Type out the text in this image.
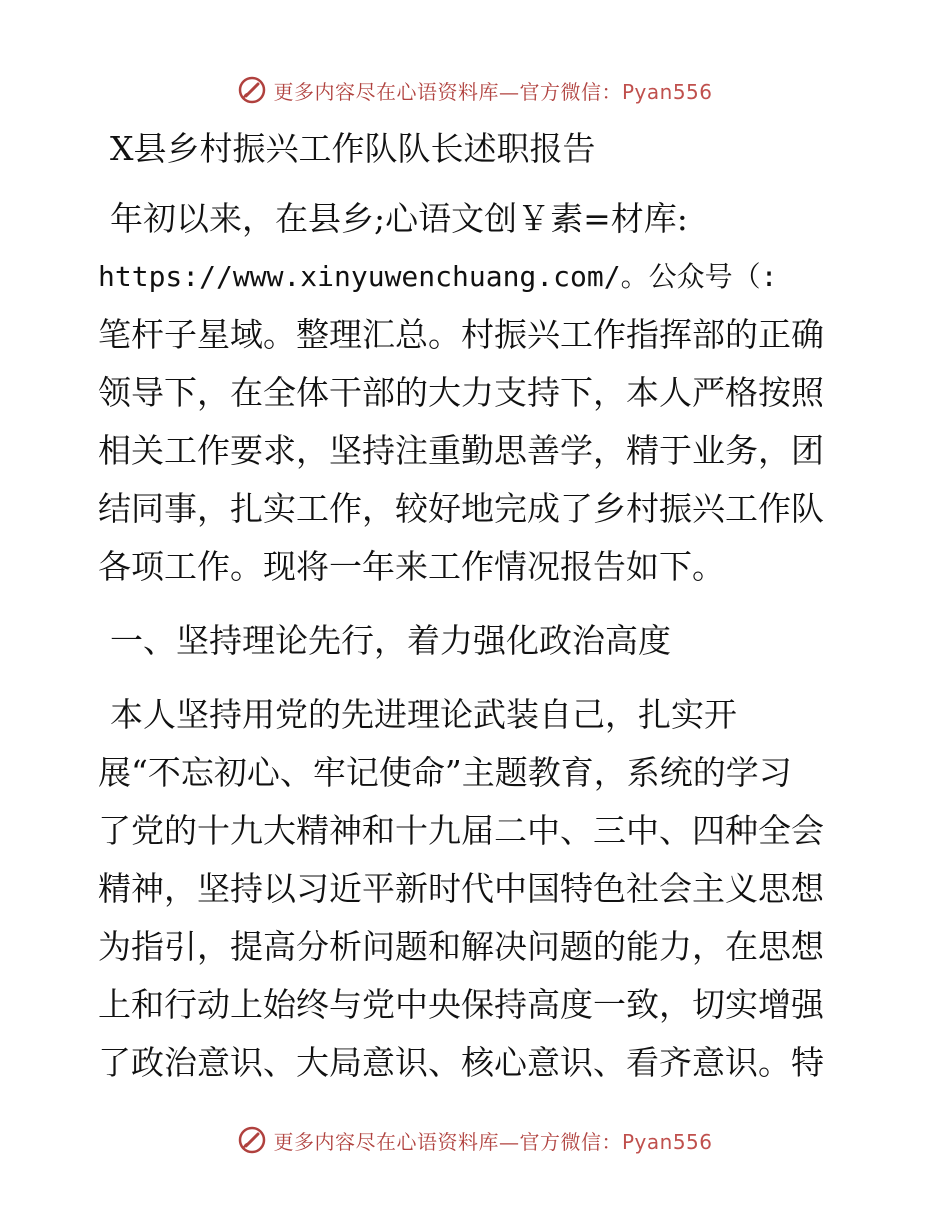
更多内容尽在心语资料库—官方微信：Pyan556
X县乡村振兴工作队队长述职报告
年初以来，在县乡;心语文创￥素=材库:
https://www.xinyuwenchuang.com/。公众号（:
笔杆子星域。整理汇总。村振兴工作指挥部的正确
领导下，在全体干部的大力支持下，本人严格按照
相关工作要求，坚持注重勤思善学，精于业务，团
结同事，扎实工作，较好地完成了乡村振兴工作队
各项工作。现将一年来工作情况报告如下。
一、坚持理论先行，着力强化政治高度
本人坚持用党的先进理论武装自己，扎实开
展“不忘初心、牢记使命”主题教育，系统的学习
了党的十九大精神和十九届二中、三中、四种全会
精神，坚持以习近平新时代中国特色社会主义思想
为指引，提高分析问题和解决问题的能力，在思想
上和行动上始终与党中央保持高度一致，切实增强
了政治意识、大局意识、核心意识、看齐意识。特
更多内容尽在心语资料库—官方微信：Pyan556
